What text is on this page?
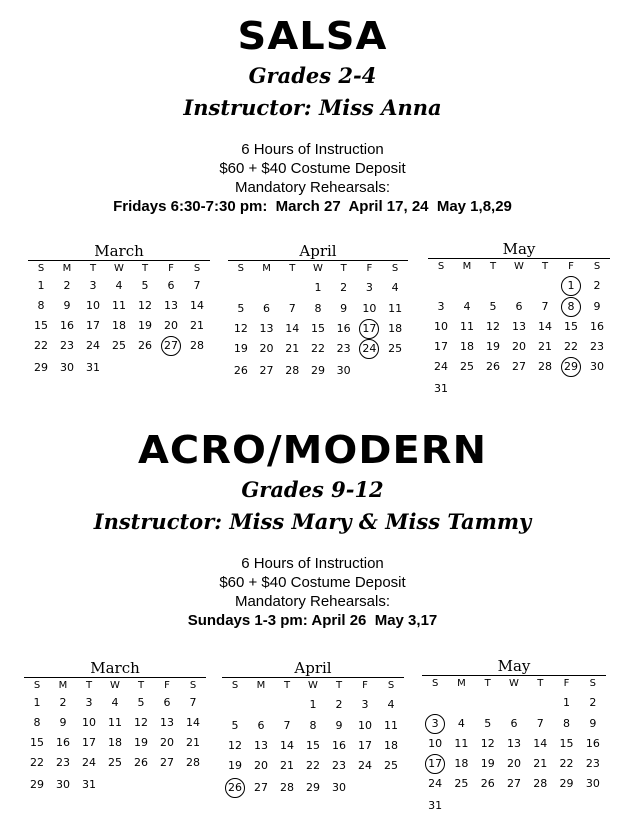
SALSA
Grades 2-4
Instructor: Miss Anna
6 Hours of Instruction
$60 + $40 Costume Deposit
Mandatory Rehearsals:
Fridays 6:30-7:30 pm:  March 27  April 17, 24  May 1,8,29
March
S	M	T	W	T	F	S
1	2	3	4	5	6	7
8	9	10	11	12	13	14
15	16	17	18	19	20	21
22	23	24	25	26	27	28
29	30	31				
April
S	M	T	W	T	F	S
			1	2	3	4
5	6	7	8	9	10	11
12	13	14	15	16	17	18
19	20	21	22	23	24	25
26	27	28	29	30		
May
S	M	T	W	T	F	S
					1	2
3	4	5	6	7	8	9
10	11	12	13	14	15	16
17	18	19	20	21	22	23
24	25	26	27	28	29	30
31						
ACRO/MODERN
Grades 9-12
Instructor: Miss Mary & Miss Tammy
6 Hours of Instruction
$60 + $40 Costume Deposit
Mandatory Rehearsals:
Sundays 1-3 pm: April 26  May 3,17
March
S	M	T	W	T	F	S
1	2	3	4	5	6	7
8	9	10	11	12	13	14
15	16	17	18	19	20	21
22	23	24	25	26	27	28
29	30	31				
April
S	M	T	W	T	F	S
			1	2	3	4
5	6	7	8	9	10	11
12	13	14	15	16	17	18
19	20	21	22	23	24	25
26	27	28	29	30		
May
S	M	T	W	T	F	S
					1	2
3	4	5	6	7	8	9
10	11	12	13	14	15	16
17	18	19	20	21	22	23
24	25	26	27	28	29	30
31						
